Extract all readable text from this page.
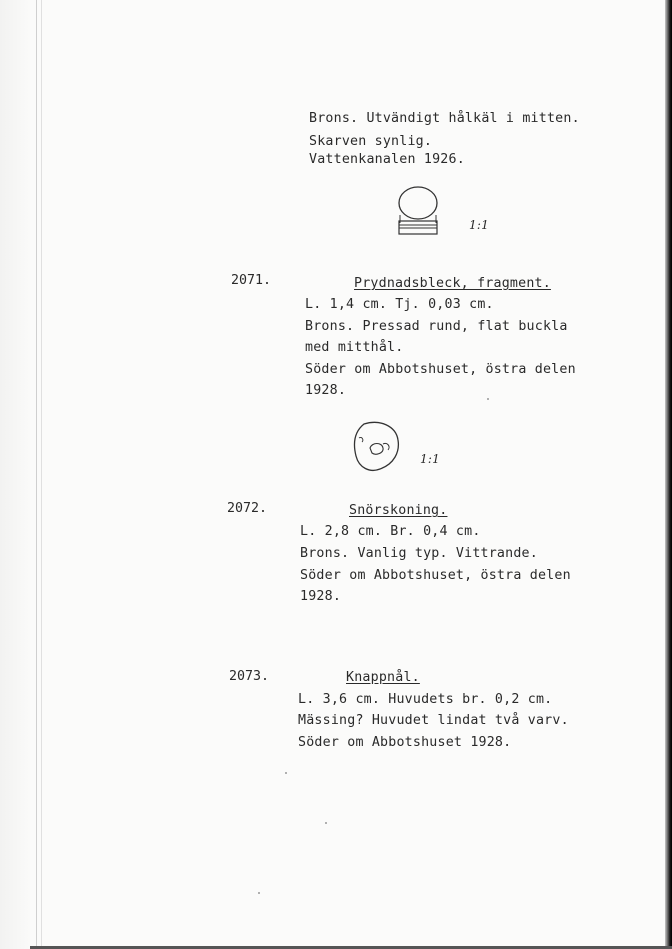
Brons. Utvändigt hålkäl i mitten.
Skarven synlig.
Vattenkanalen 1926.
1:1
2071.	Prydnadsbleck, fragment.
L. 1,4 cm. Tj. 0,03 cm.
Brons. Pressad rund, flat buckla
med mitthål.
Söder om Abbotshuset, östra delen
1928.
1:1
2072.	Snörskoning.
L. 2,8 cm. Br. 0,4 cm.
Brons. Vanlig typ. Vittrande.
Söder om Abbotshuset, östra delen
1928.
2073.	Knappnål.
L. 3,6 cm. Huvudets br. 0,2 cm.
Mässing? Huvudet lindat två varv.
Söder om Abbotshuset 1928.
